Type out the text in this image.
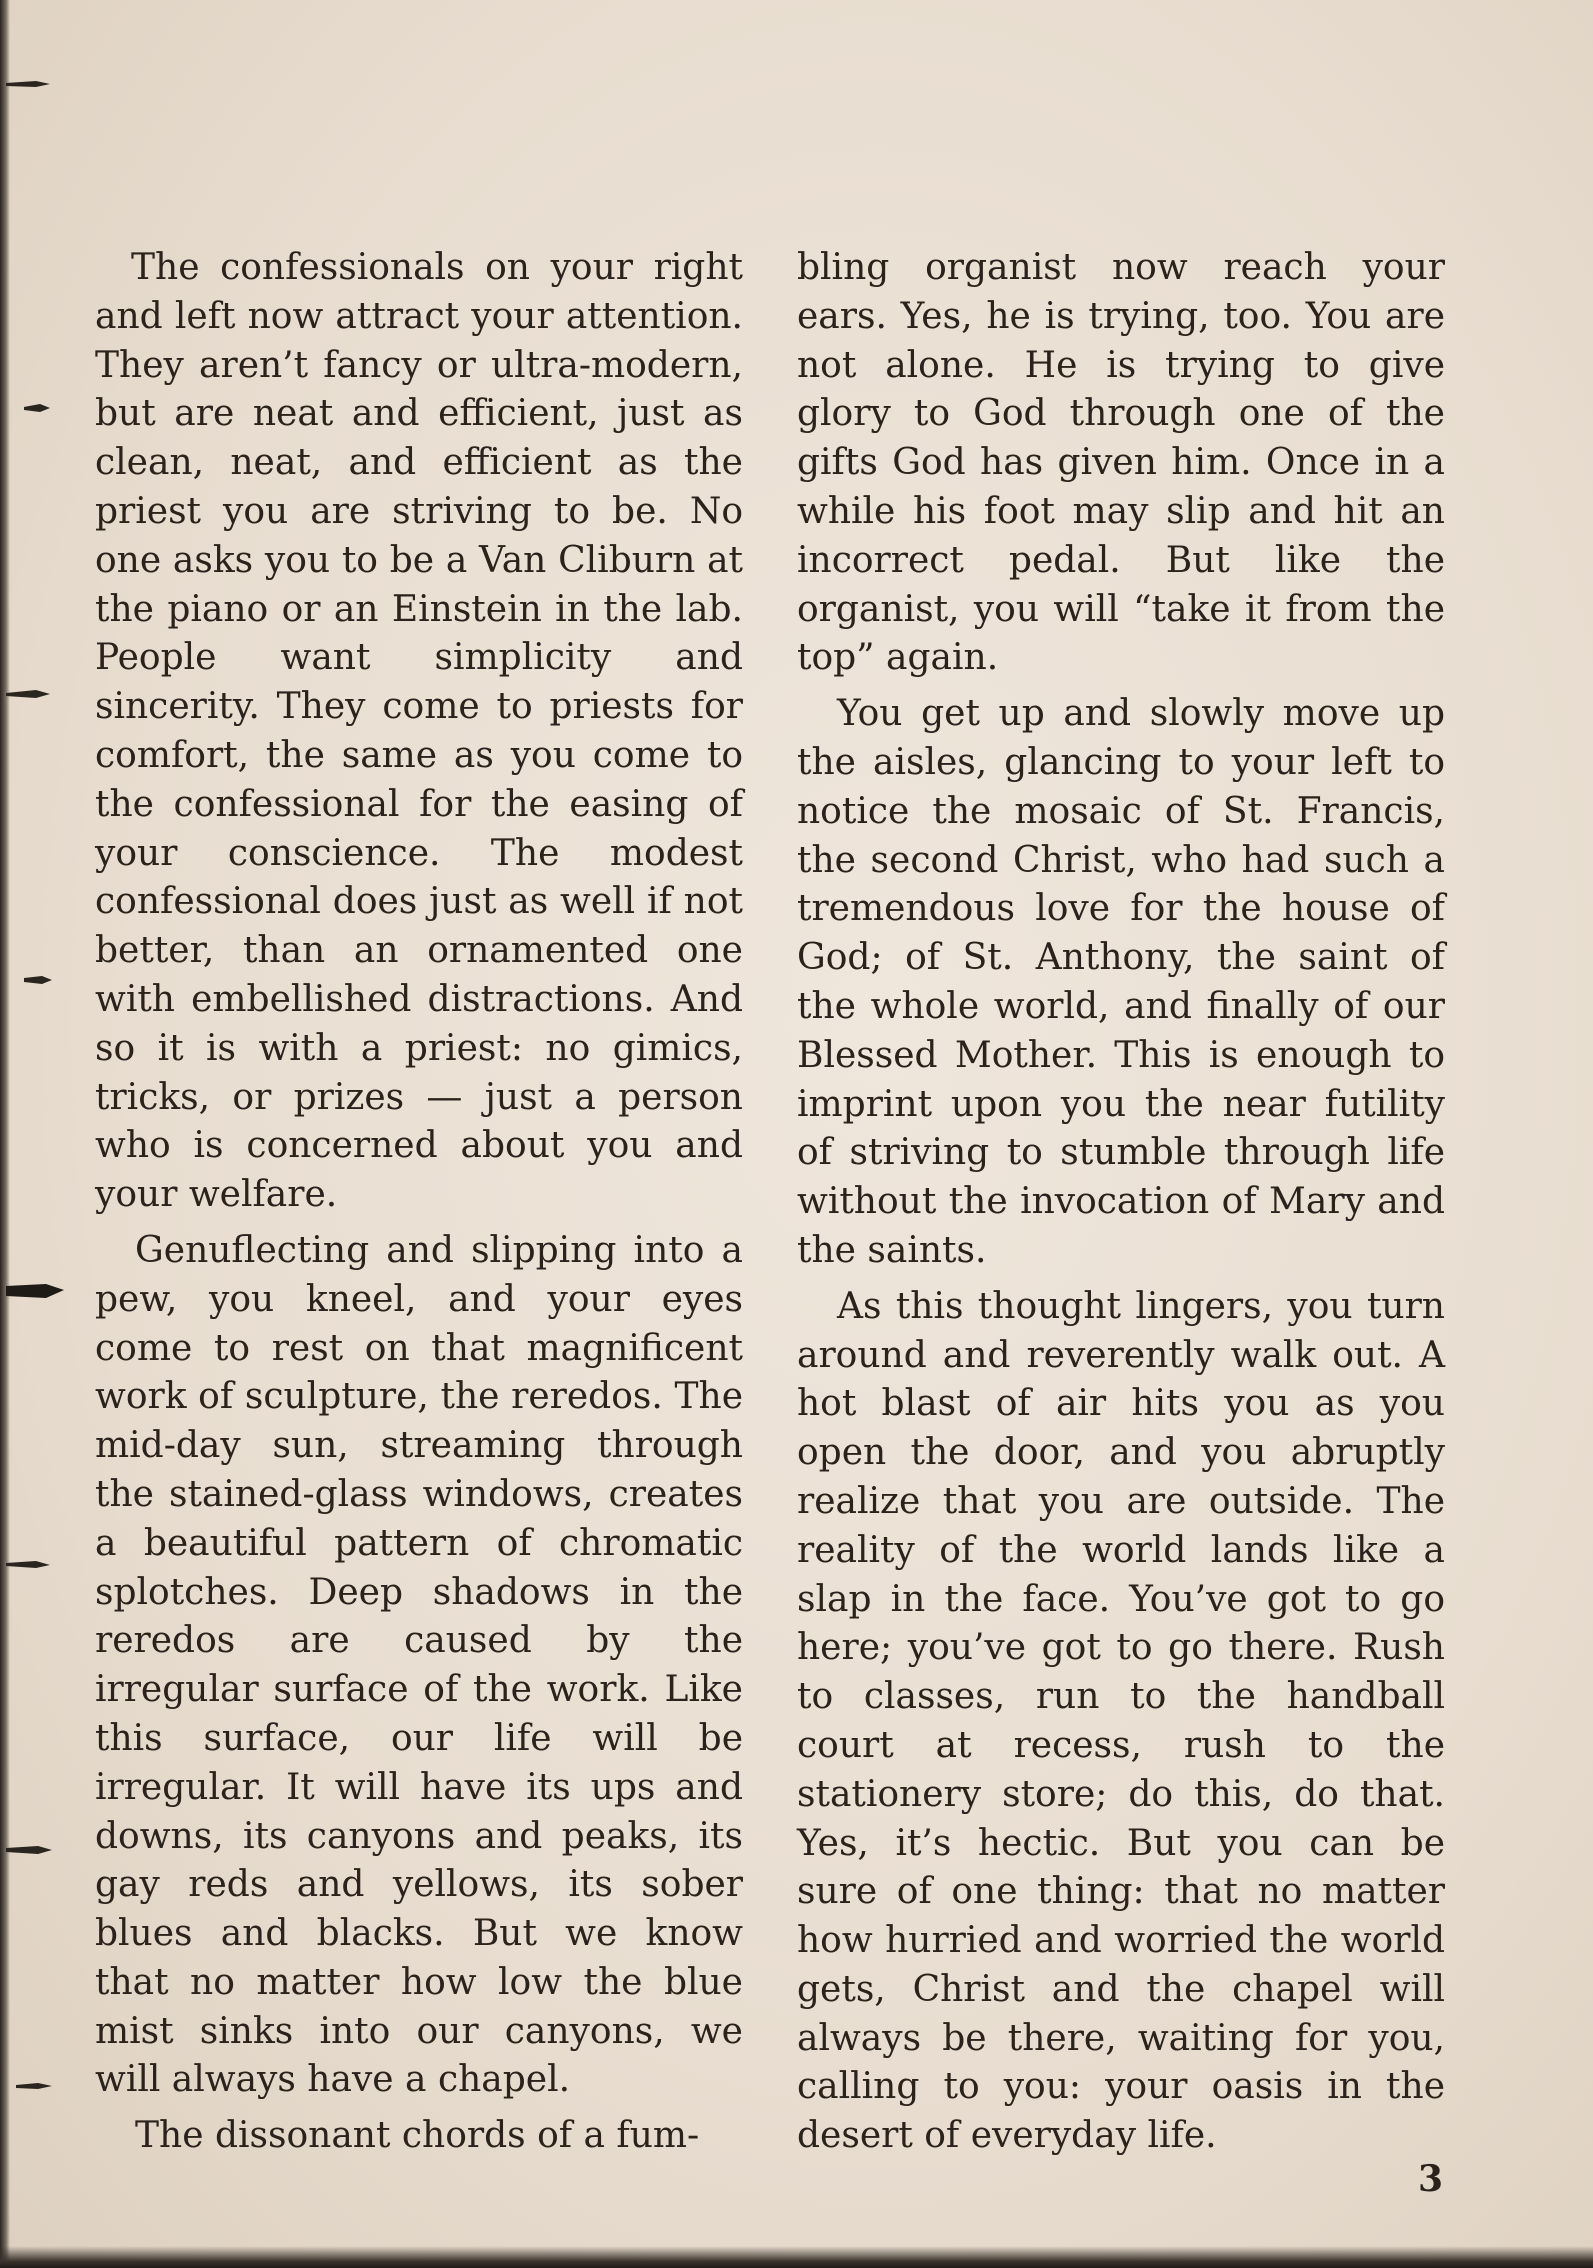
The confessionals on your right and left now attract your attention. They aren’t fancy or ultra-modern, but are neat and efficient, just as clean, neat, and efficient as the priest you are striving to be. No one asks you to be a Van Cliburn at the piano or an Einstein in the lab. People want simplicity and sincerity. They come to priests for comfort, the same as you come to the confessional for the easing of your conscience. The modest confessional does just as well if not better, than an ornamented one with embellished distractions. And so it is with a priest: no gimics, tricks, or prizes — just a person who is concerned about you and your welfare.

Genuflecting and slipping into a pew, you kneel, and your eyes come to rest on that magnificent work of sculpture, the reredos. The mid-day sun, streaming through the stained-glass windows, creates a beautiful pattern of chromatic splotches. Deep shadows in the reredos are caused by the irregular surface of the work. Like this surface, our life will be irregular. It will have its ups and downs, its canyons and peaks, its gay reds and yellows, its sober blues and blacks. But we know that no matter how low the blue mist sinks into our canyons, we will always have a chapel.

The dissonant chords of a fum-

bling organist now reach your ears. Yes, he is trying, too. You are not alone. He is trying to give glory to God through one of the gifts God has given him. Once in a while his foot may slip and hit an incorrect pedal. But like the organist, you will “take it from the top” again.

You get up and slowly move up the aisles, glancing to your left to notice the mosaic of St. Francis, the second Christ, who had such a tremendous love for the house of God; of St. Anthony, the saint of the whole world, and finally of our Blessed Mother. This is enough to imprint upon you the near futility of striving to stumble through life without the invocation of Mary and the saints.

As this thought lingers, you turn around and reverently walk out. A hot blast of air hits you as you open the door, and you abruptly realize that you are outside. The reality of the world lands like a slap in the face. You’ve got to go here; you’ve got to go there. Rush to classes, run to the handball court at recess, rush to the stationery store; do this, do that. Yes, it’s hectic. But you can be sure of one thing: that no matter how hurried and worried the world gets, Christ and the chapel will always be there, waiting for you, calling to you: your oasis in the desert of everyday life.

3
